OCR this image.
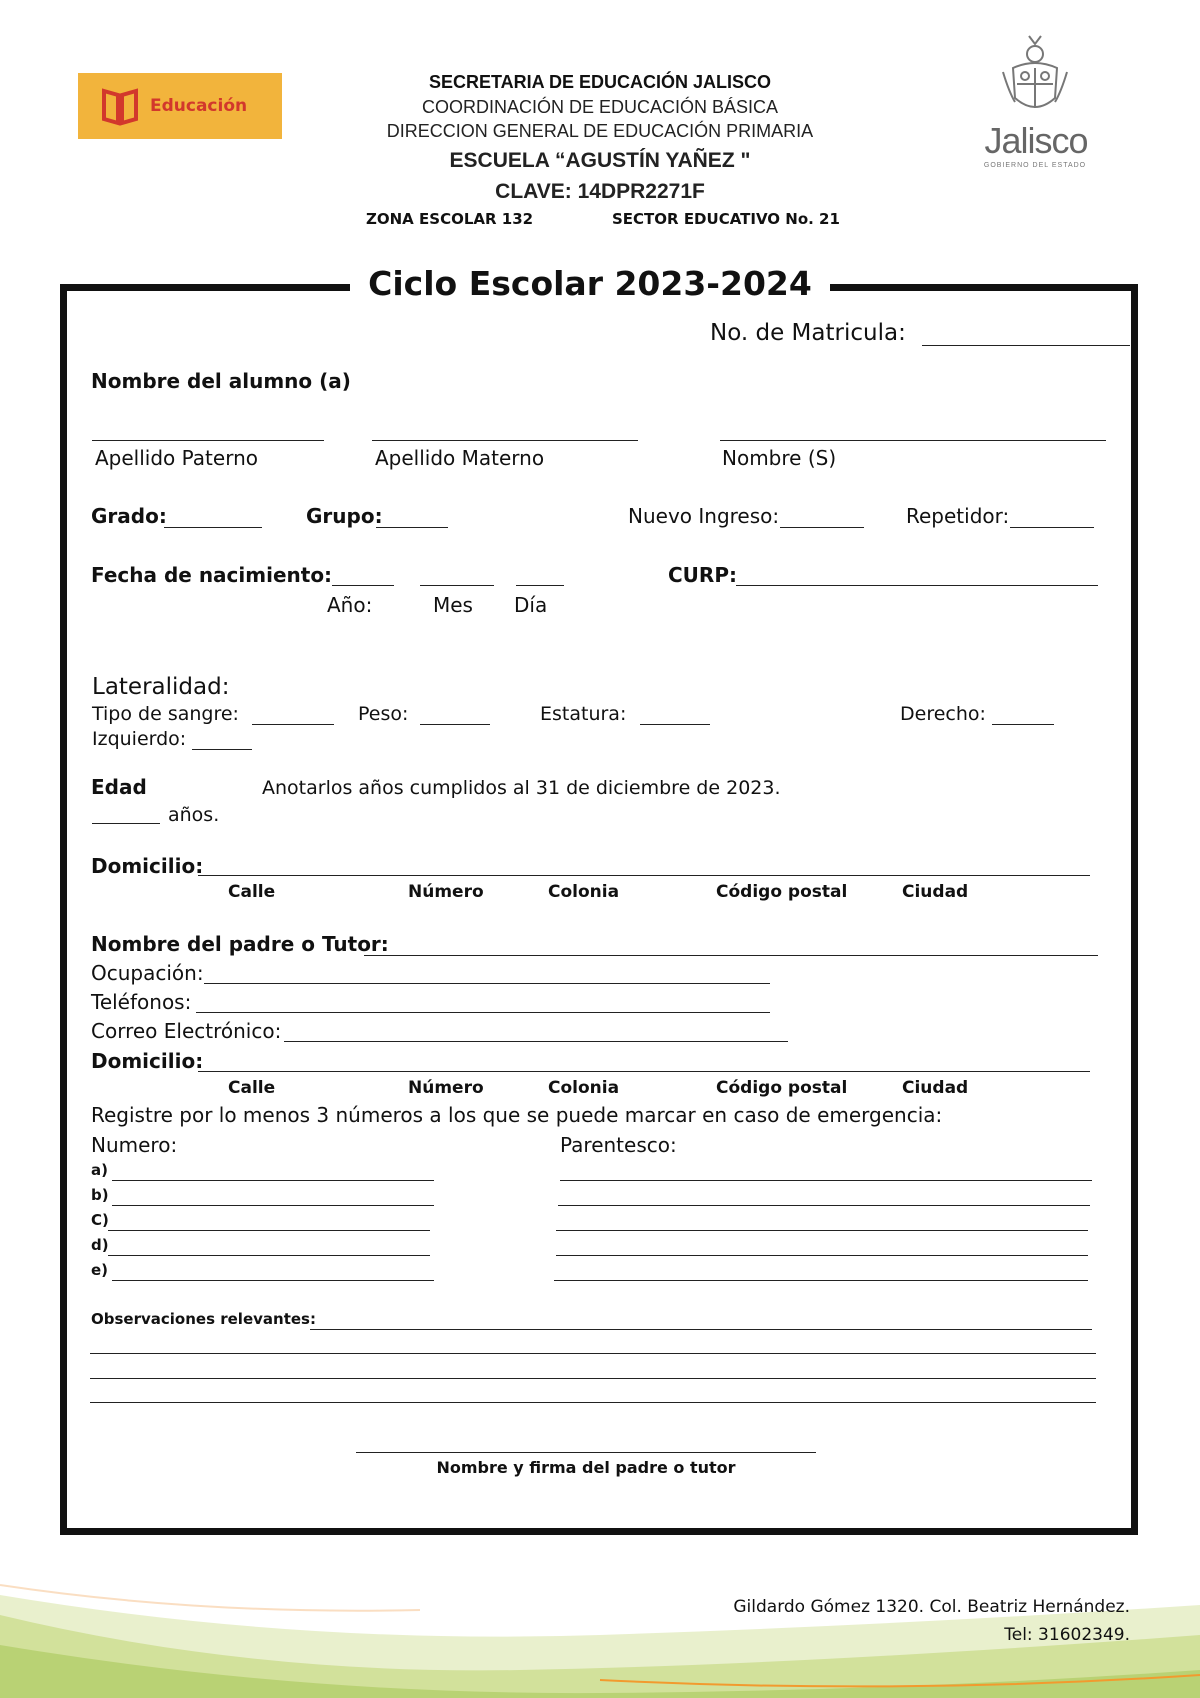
Educación
SECRETARIA DE EDUCACIÓN JALISCO
COORDINACIÓN DE EDUCACIÓN BÁSICA
DIRECCION GENERAL DE EDUCACIÓN PRIMARIA
ESCUELA “AGUSTÍN YAÑEZ "
CLAVE: 14DPR2271F
ZONA ESCOLAR 132	SECTOR EDUCATIVO No. 21
Jalisco
GOBIERNO DEL ESTADO
Ciclo Escolar 2023-2024
No. de Matricula:
Nombre del alumno (a)
Apellido Paterno	Apellido Materno	Nombre (S)
Grado:	Grupo:	Nuevo Ingreso:	Repetidor:
Fecha de nacimiento:
Año:	Mes Día
CURP:
Lateralidad:
Tipo de sangre:	Peso:	Estatura:	Derecho:
Izquierdo:
Edad	Anotarlos años cumplidos al 31 de diciembre de 2023.
años.
Domicilio:
Calle	Número	Colonia	Código postal	Ciudad
Nombre del padre o Tutor:
Ocupación:
Teléfonos:
Correo Electrónico:
Domicilio:
Calle	Número	Colonia	Código postal	Ciudad
Registre por lo menos 3 números a los que se puede marcar en caso de emergencia:
Numero:	Parentesco:
a)
b)
C)
d)
e)
Observaciones relevantes:
Nombre y firma del padre o tutor
Gildardo Gómez 1320. Col. Beatriz Hernández.
Tel: 31602349.
